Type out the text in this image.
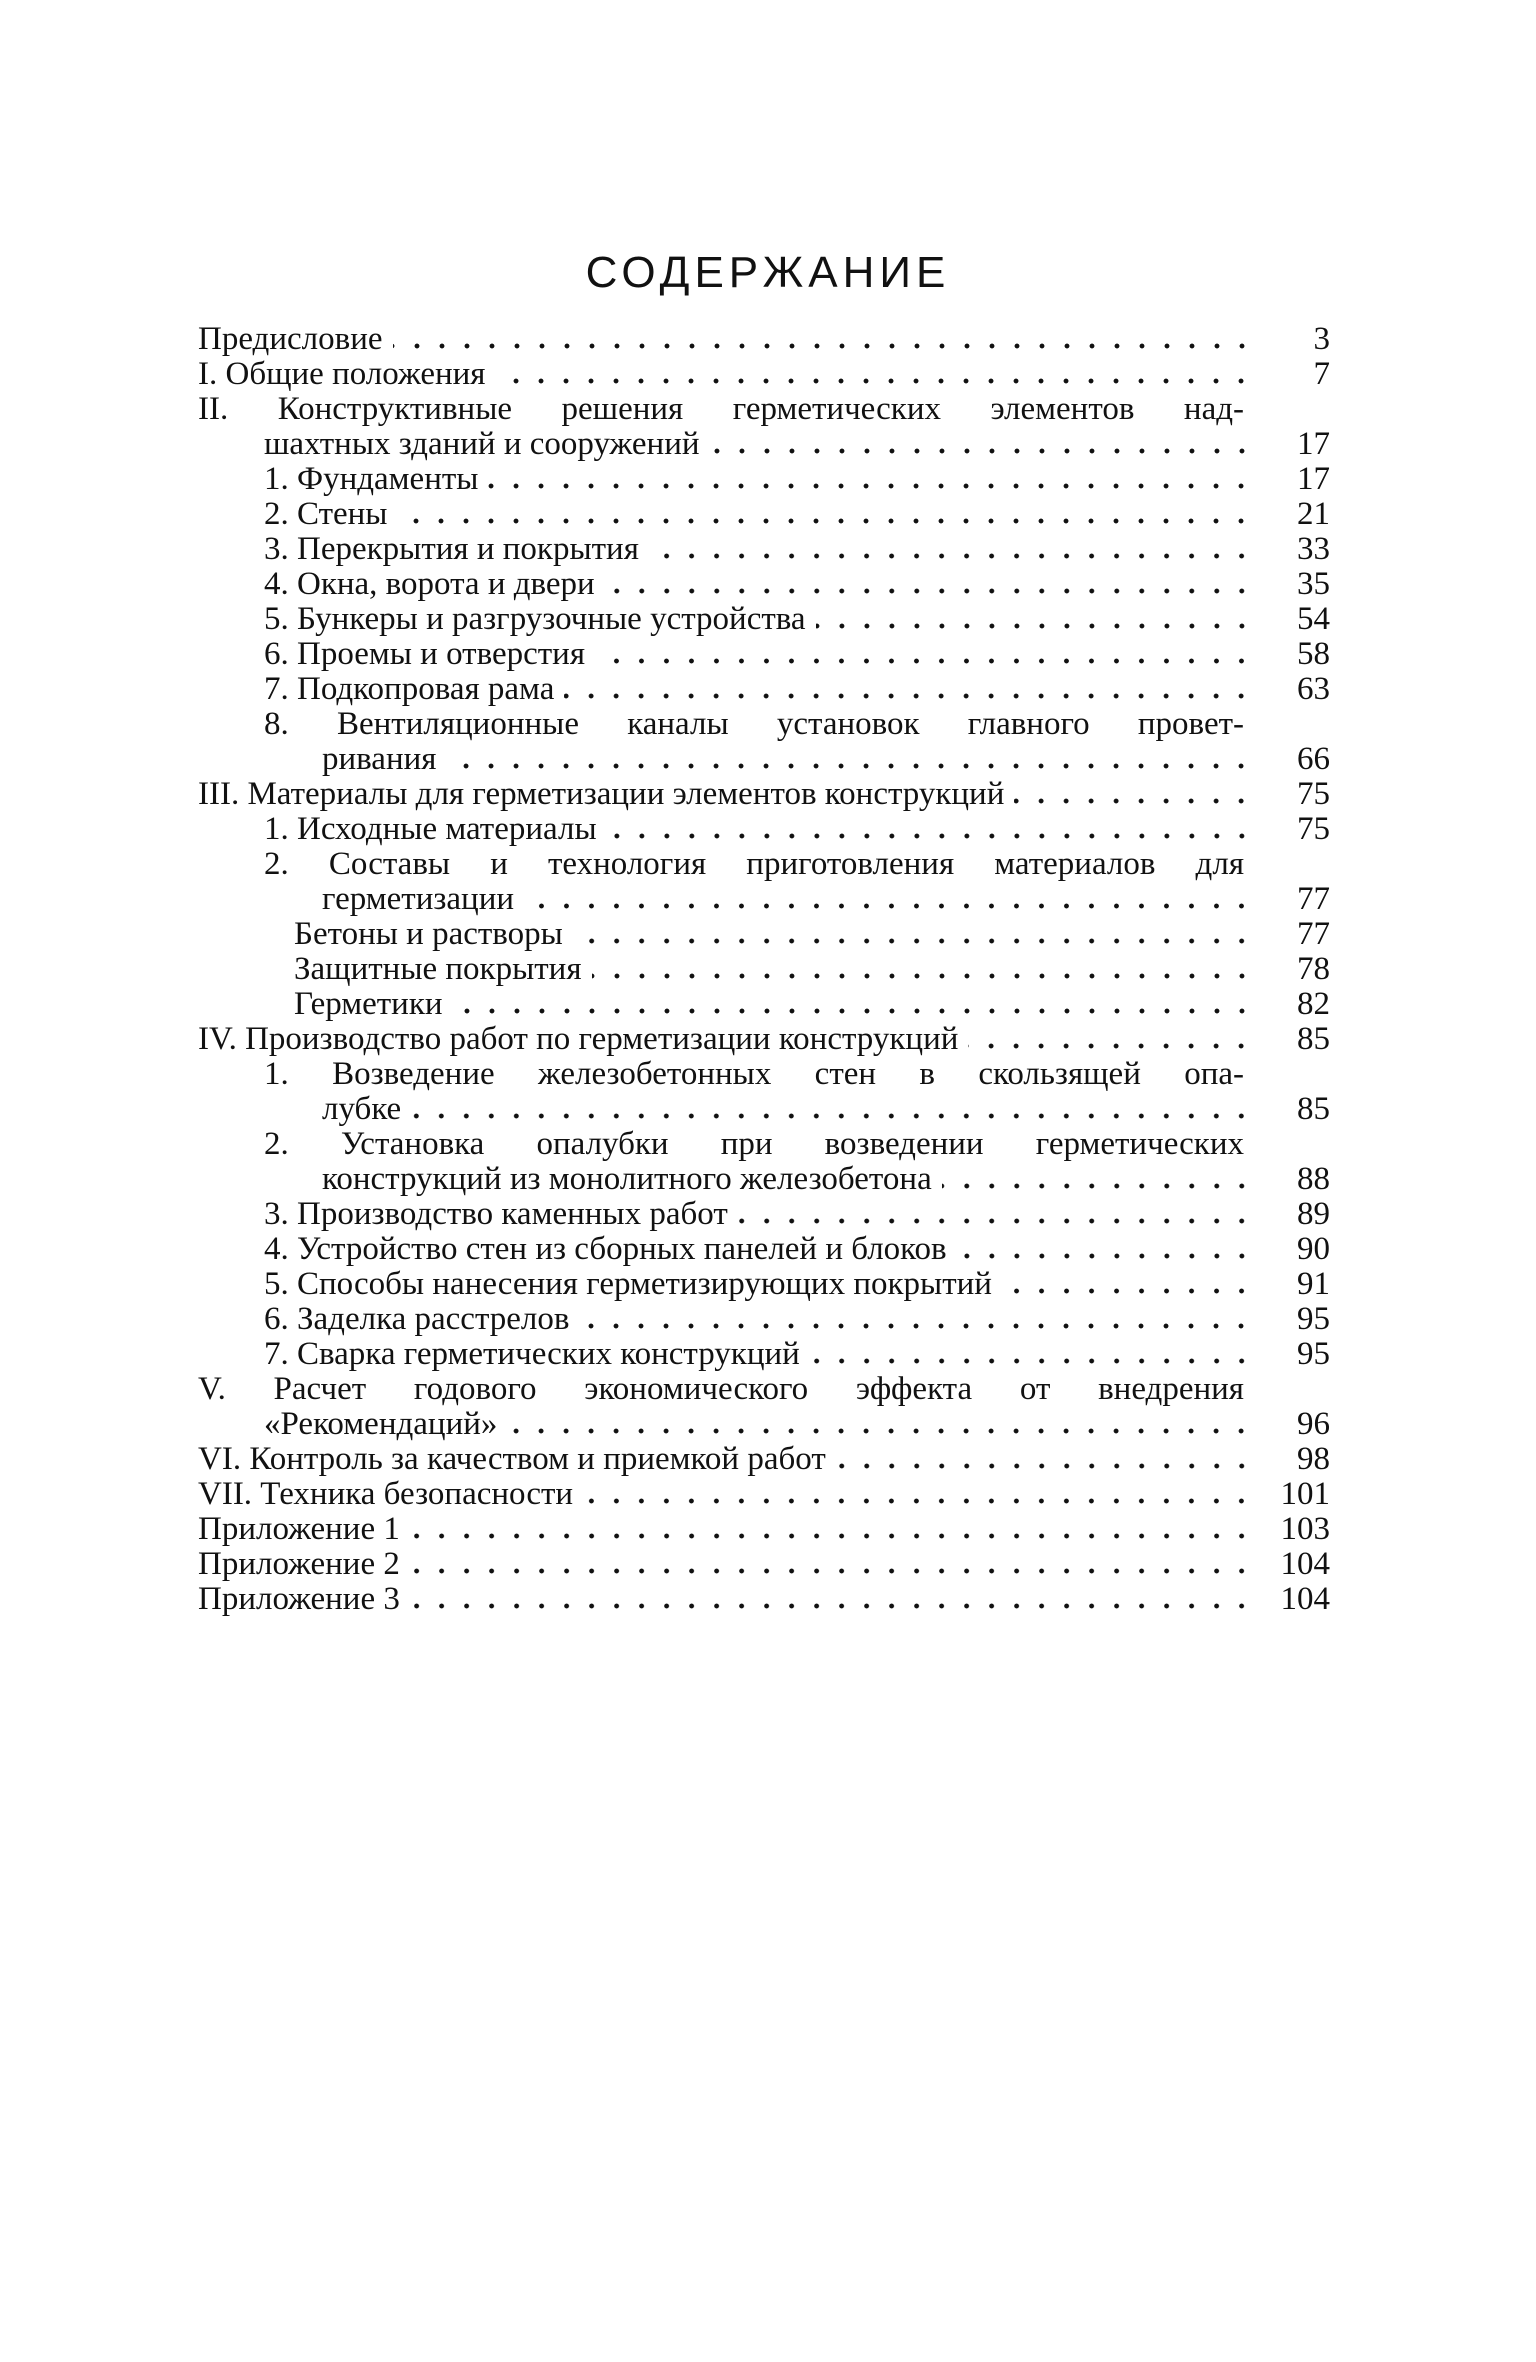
СОДЕРЖАНИЕ
Предисловие	3
I. Общие положения	7
II. Конструктивные решения герметических элементов над-
шахтных зданий и сооружений	17
1. Фундаменты	17
2. Стены	21
3. Перекрытия и покрытия	33
4. Окна, ворота и двери	35
5. Бункеры и разгрузочные устройства	54
6. Проемы и отверстия	58
7. Подкопровая рама	63
8. Вентиляционные каналы установок главного провет-
ривания	66
III. Материалы для герметизации элементов конструкций	75
1. Исходные материалы	75
2. Составы и технология приготовления материалов для
герметизации	77
Бетоны и растворы	77
Защитные покрытия	78
Герметики	82
IV. Производство работ по герметизации конструкций	85
1. Возведение железобетонных стен в скользящей опа-
лубке	85
2. Установка опалубки при возведении герметических
конструкций из монолитного железобетона	88
3. Производство каменных работ	89
4. Устройство стен из сборных панелей и блоков	90
5. Способы нанесения герметизирующих покрытий	91
6. Заделка расстрелов	95
7. Сварка герметических конструкций	95
V. Расчет годового экономического эффекта от внедрения
«Рекомендаций»	96
VI. Контроль за качеством и приемкой работ	98
VII. Техника безопасности	101
Приложение 1	103
Приложение 2	104
Приложение 3	104
